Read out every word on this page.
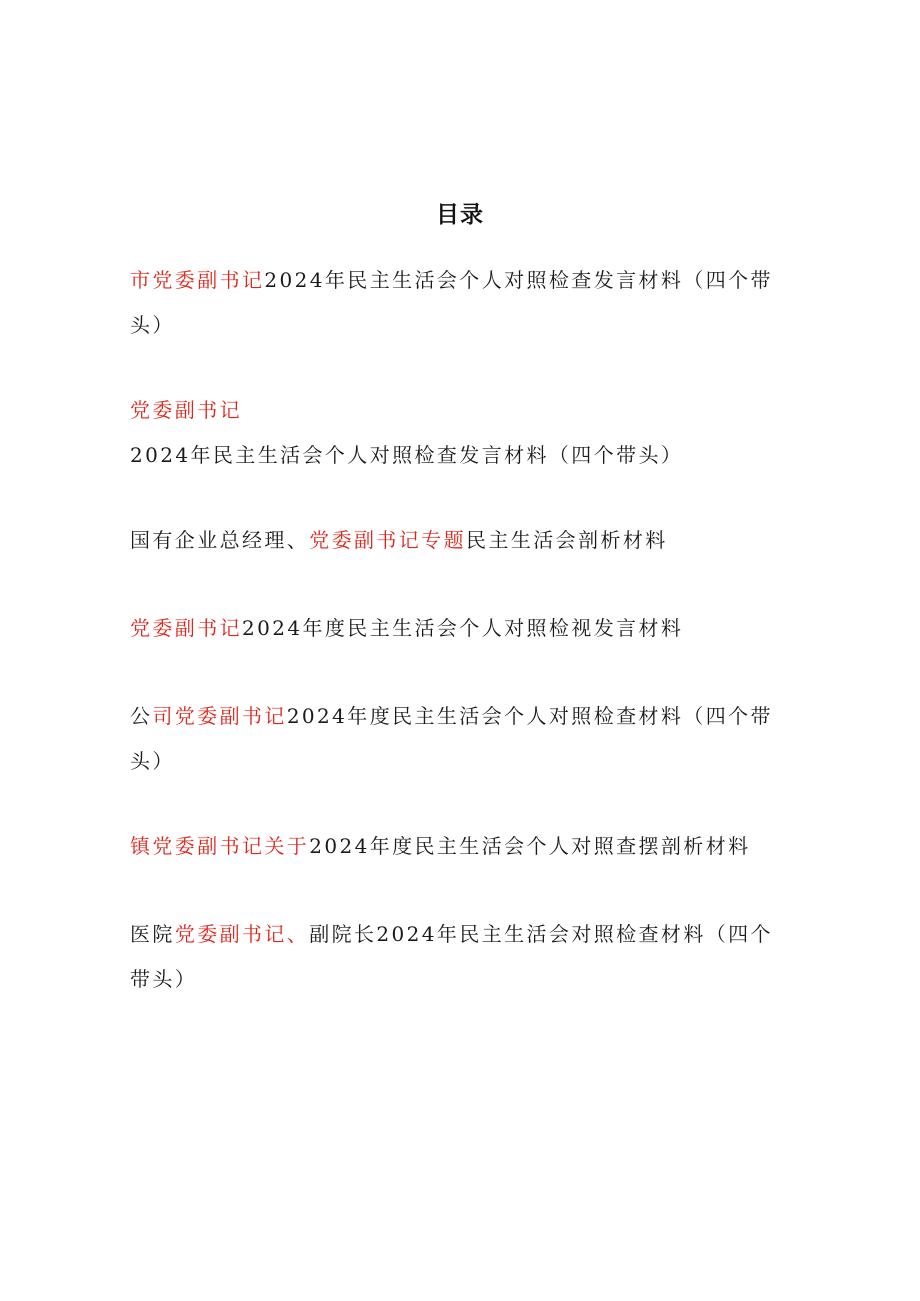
目录
市党委副书记2024年民主生活会个人对照检查发言材料（四个带头）
党委副书记2024年民主生活会个人对照检查发言材料（四个带头）
国有企业总经理、党委副书记专题民主生活会剖析材料
党委副书记2024年度民主生活会个人对照检视发言材料
公司党委副书记2024年度民主生活会个人对照检查材料（四个带头）
镇党委副书记关于2024年度民主生活会个人对照查摆剖析材料
医院党委副书记、副院长2024年民主生活会对照检查材料（四个带头）
